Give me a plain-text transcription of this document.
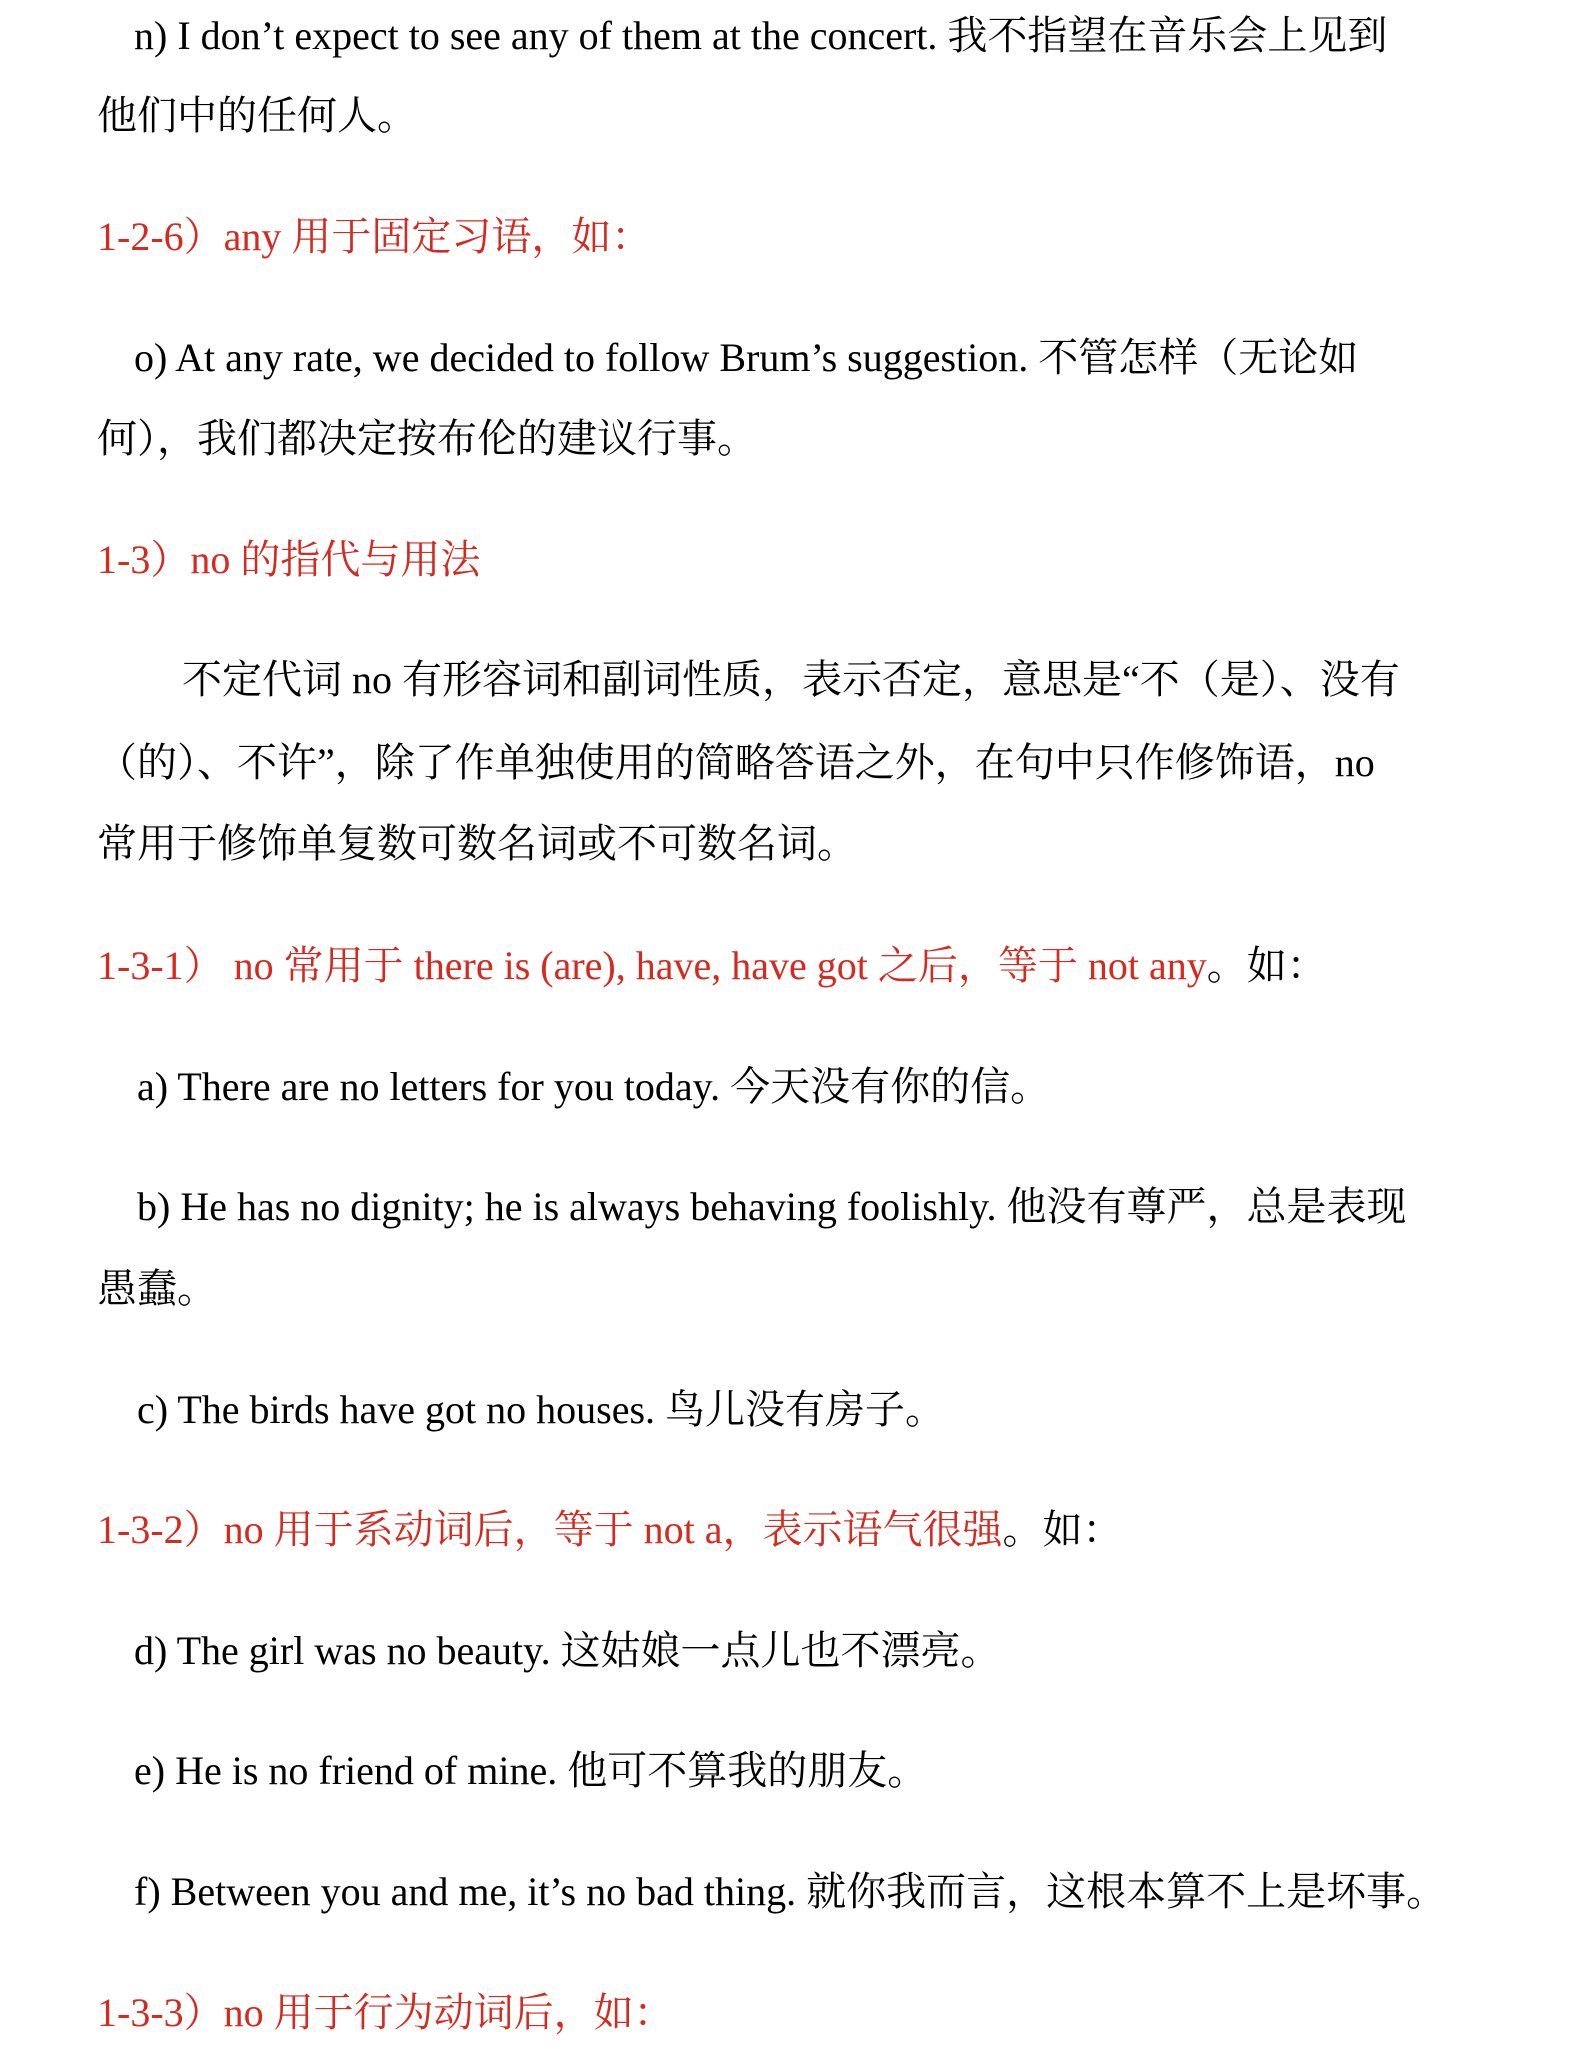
n) I don’t expect to see any of them at the concert. 我不指望在音乐会上见到
他们中的任何人。
1-2-6）any 用于固定习语，如：
o) At any rate, we decided to follow Brum’s suggestion. 不管怎样（无论如
何），我们都决定按布伦的建议行事。
1-3）no 的指代与用法
不定代词 no 有形容词和副词性质，表示否定，意思是“不（是）、没有
（的）、不许”，除了作单独使用的简略答语之外，在句中只作修饰语，no
常用于修饰单复数可数名词或不可数名词。
1-3-1） no 常用于 there is (are), have, have got 之后，等于 not any。如：
a) There are no letters for you today. 今天没有你的信。
b) He has no dignity; he is always behaving foolishly. 他没有尊严，总是表现
愚蠢。
c) The birds have got no houses. 鸟儿没有房子。
1-3-2）no 用于系动词后，等于 not a，表示语气很强。如：
d) The girl was no beauty. 这姑娘一点儿也不漂亮。
e) He is no friend of mine. 他可不算我的朋友。
f) Between you and me, it’s no bad thing. 就你我而言，这根本算不上是坏事。
1-3-3）no 用于行为动词后，如：
